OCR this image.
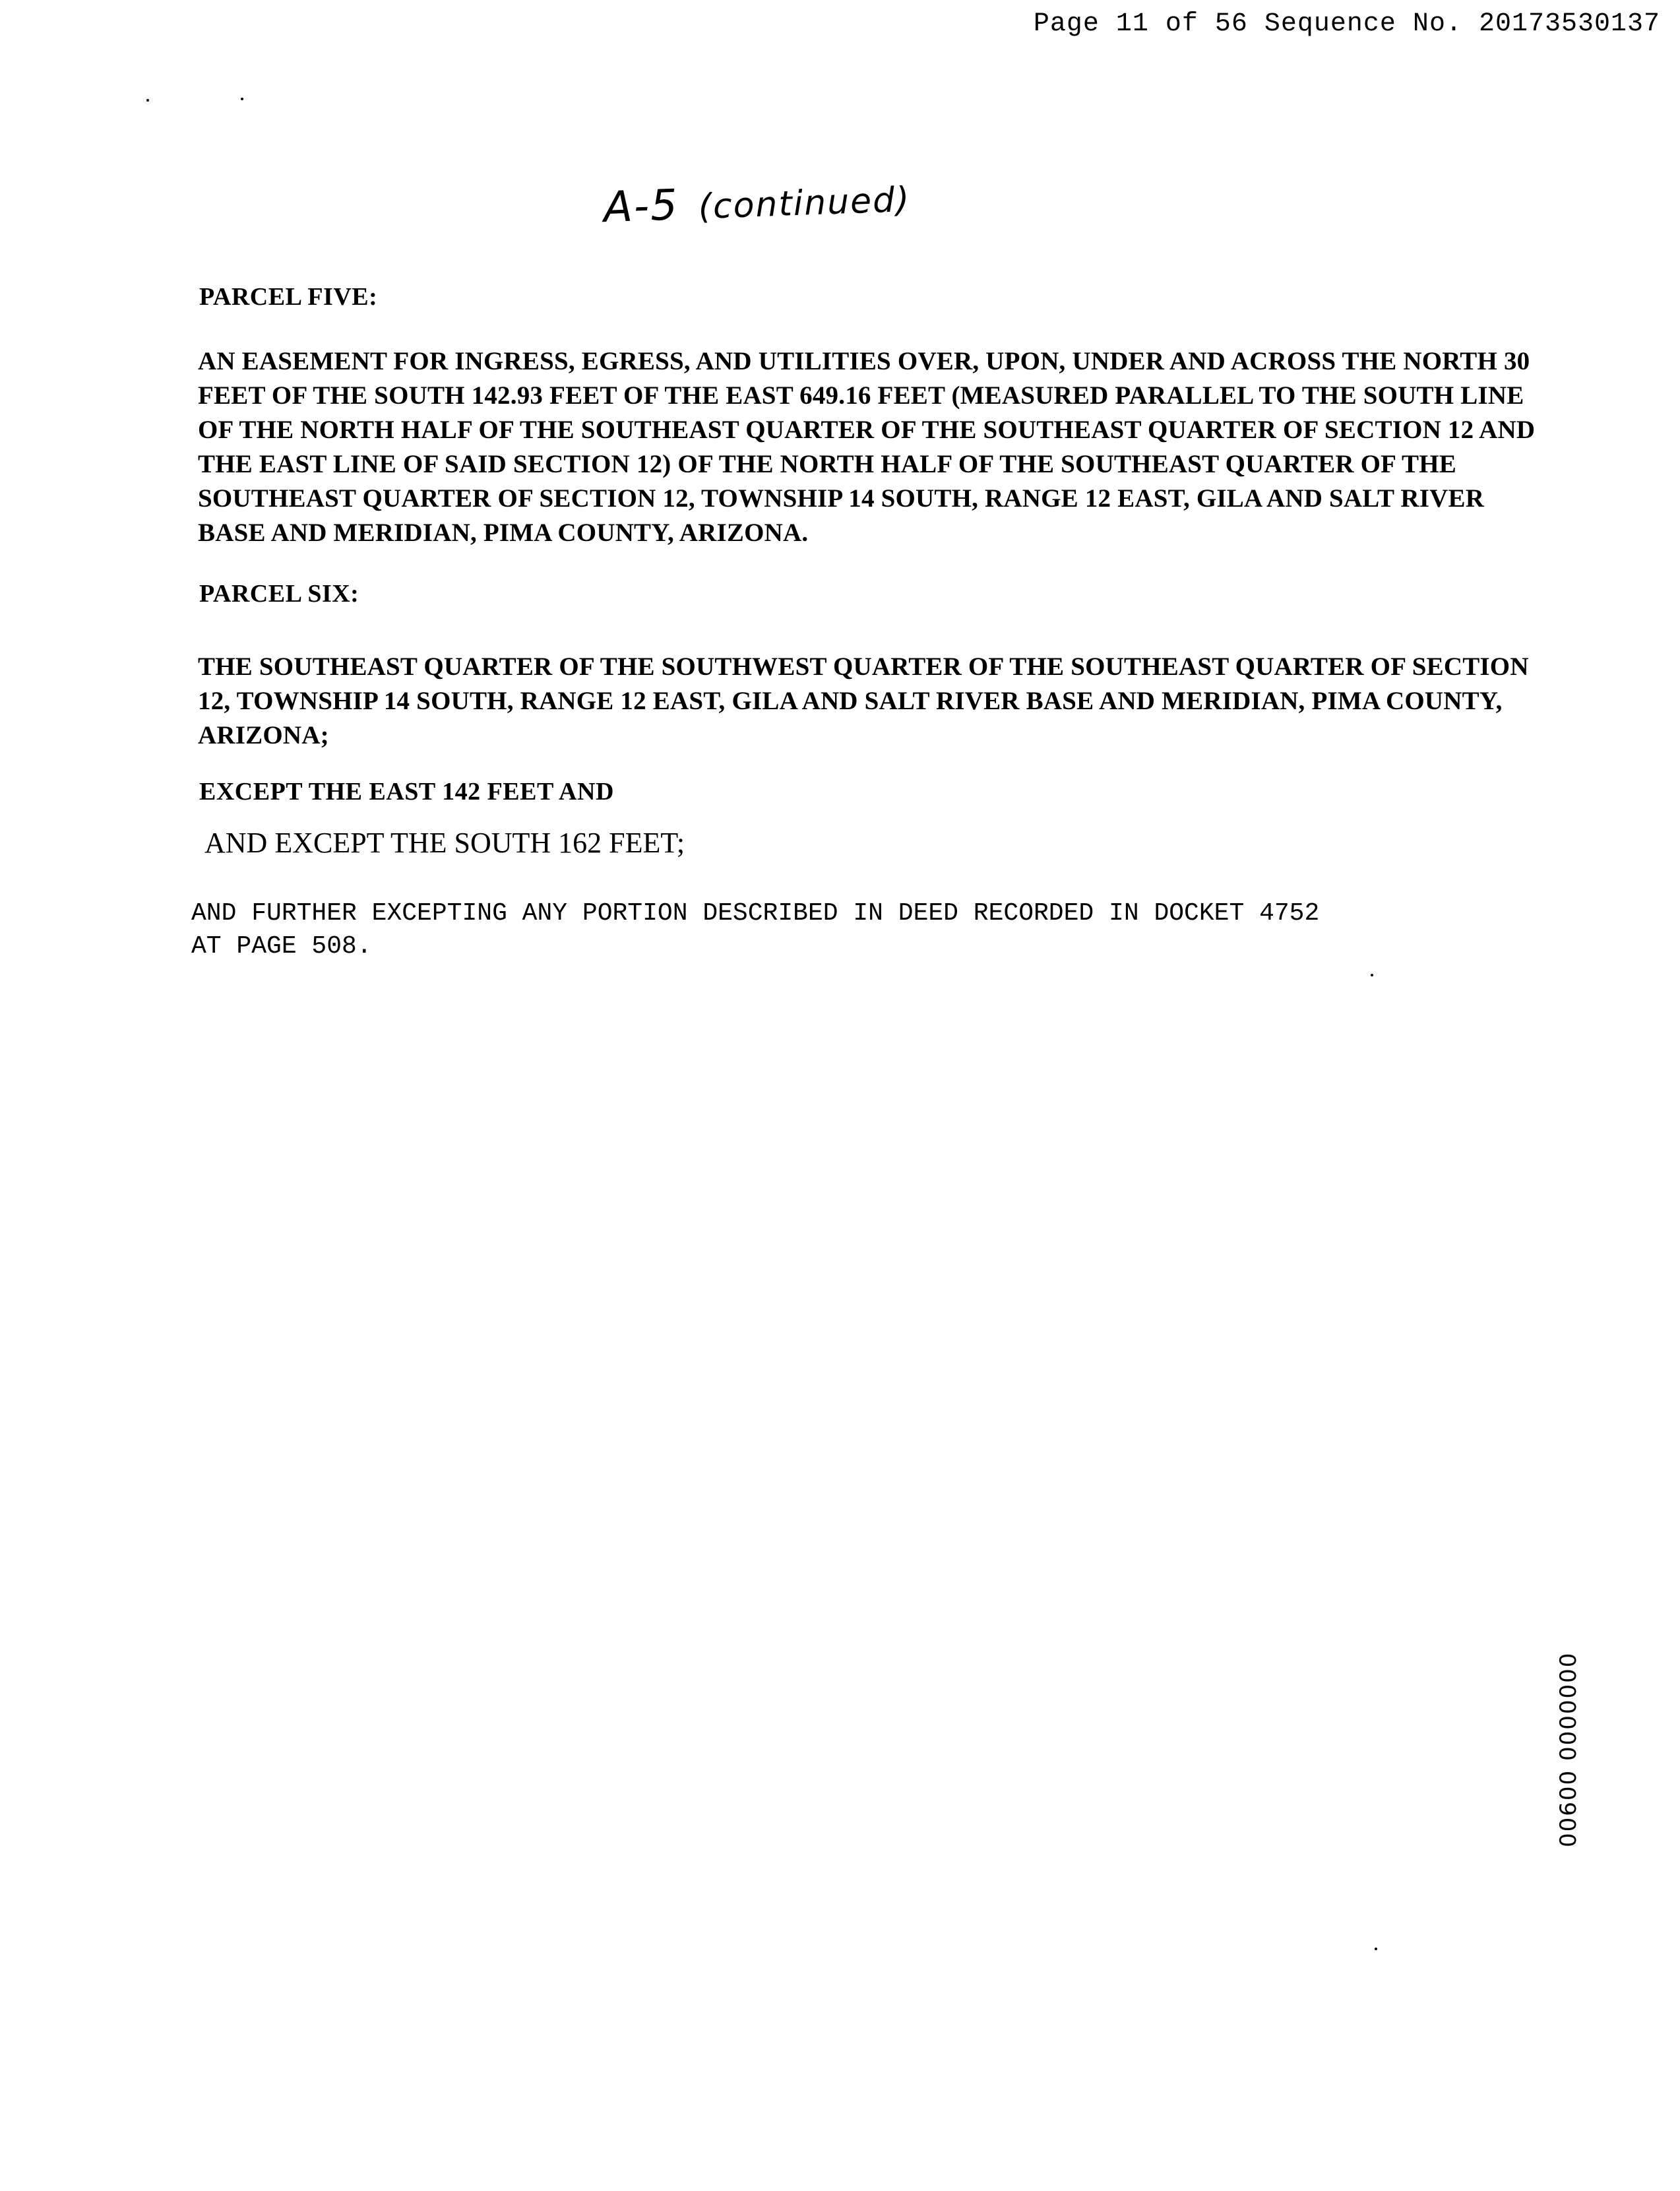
Page 11 of 56 Sequence No. 20173530137
A-5 (continued)
PARCEL FIVE:
AN EASEMENT FOR INGRESS, EGRESS, AND UTILITIES OVER, UPON, UNDER AND ACROSS THE NORTH 30
FEET OF THE SOUTH 142.93 FEET OF THE EAST 649.16 FEET (MEASURED PARALLEL TO THE SOUTH LINE
OF THE NORTH HALF OF THE SOUTHEAST QUARTER OF THE SOUTHEAST QUARTER OF SECTION 12 AND
THE EAST LINE OF SAID SECTION 12) OF THE NORTH HALF OF THE SOUTHEAST QUARTER OF THE
SOUTHEAST QUARTER OF SECTION 12, TOWNSHIP 14 SOUTH, RANGE 12 EAST, GILA AND SALT RIVER
BASE AND MERIDIAN, PIMA COUNTY, ARIZONA.
PARCEL SIX:
THE SOUTHEAST QUARTER OF THE SOUTHWEST QUARTER OF THE SOUTHEAST QUARTER OF SECTION
12, TOWNSHIP 14 SOUTH, RANGE 12 EAST, GILA AND SALT RIVER BASE AND MERIDIAN, PIMA COUNTY,
ARIZONA;
EXCEPT THE EAST 142 FEET AND
AND EXCEPT THE SOUTH 162 FEET;
AND FURTHER EXCEPTING ANY PORTION DESCRIBED IN DEED RECORDED IN DOCKET 4752
AT PAGE 508.
00600 0000000
